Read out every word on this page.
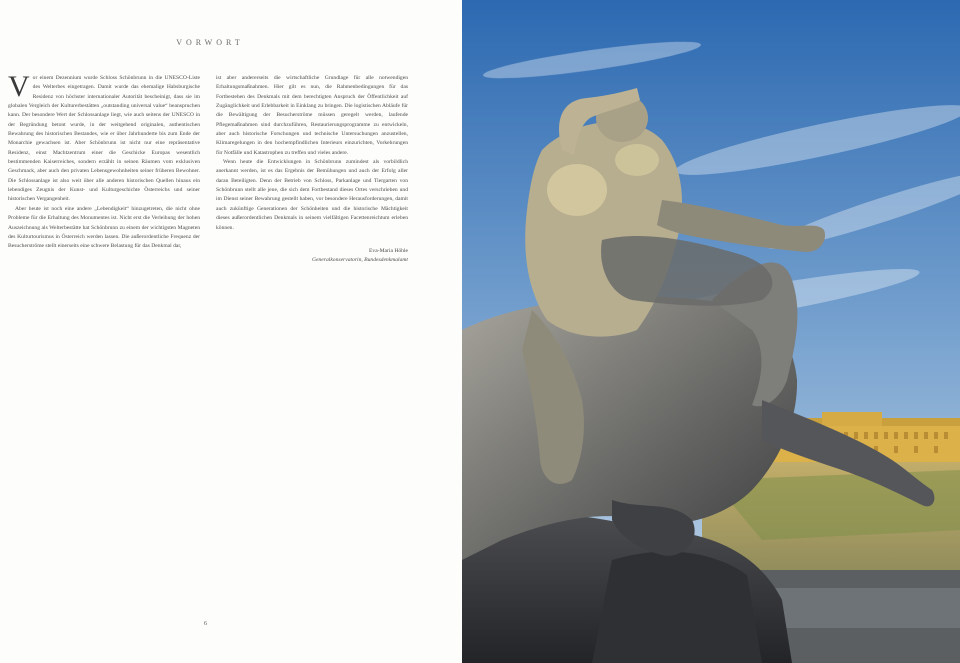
VORWORT

Vor einem Dezennium wurde Schloss Schönbrunn in die UNESCO-Liste des Welterbes eingetragen. Damit wurde das ehemalige Habsburgische Residenz von höchster internationaler Autorität bescheinigt, dass sie im globalen Vergleich der Kulturerbestätten „outstanding universal value“ beanspruchen kann. Der besondere Wert der Schlossanlage liegt, wie auch seitens der UNESCO in der Begründung betont wurde, in der weitgehend originalen, authentischen Bewahrung des historischen Bestandes, wie er über Jahrhunderte bis zum Ende der Monarchie gewachsen ist. Aber Schönbrunn ist nicht nur eine repräsentative Residenz, einst Machtzentrum einer die Geschicke Europas wesentlich bestimmenden Kaiserreiches, sondern erzählt in seinen Räumen vom exklusiven Geschmack, aber auch den privaten Lebensgewohnheiten seiner früheren Bewohner. Die Schlossanlage ist also weit über alle anderen historischen Quellen hinaus ein lebendiges Zeugnis der Kunst- und Kulturgeschichte Österreichs und seiner historischen Vergangenheit.

Aber heute ist noch eine andere „Lebendigkeit“ hinzugetreten, die nicht ohne Probleme für die Erhaltung des Monumentes ist. Nicht erst die Verleihung der hohen Auszeichnung als Welterbestätte hat Schönbrunn zu einem der wichtigsten Magneten des Kulturtourismus in Österreich werden lassen. Die außerordentliche Frequenz der Besucherströme stellt einerseits eine schwere Belastung für das Denkmal dar,

ist aber andererseits die wirtschaftliche Grundlage für alle notwendigen Erhaltungsmaßnahmen. Hier gilt es nun, die Rahmenbedingungen für das Fortbestehen des Denkmals mit dem berechtigten Anspruch der Öffentlichkeit auf Zugänglichkeit und Erlebbarkeit in Einklang zu bringen. Die logistischen Abläufe für die Bewältigung der Besucherströme müssen geregelt werden, laufende Pflegemaßnahmen sind durchzuführen, Restaurierungsprogramme zu entwickeln, aber auch historische Forschungen und technische Untersuchungen anzustellen, Klimaregelungen in den hochempfindlichen Interieurs einzurichten, Vorkehrungen für Notfälle und Katastrophen zu treffen und vieles andere.

Wenn heute die Entwicklungen in Schönbrunn zumindest als vorbildlich anerkannt werden, ist es das Ergebnis der Bemühungen und auch der Erfolg aller daran Beteiligten. Denn der Betrieb von Schloss, Parkanlage und Tiergarten von Schönbrunn stellt alle jene, die sich dem Fortbestand dieses Ortes verschrieben und im Dienst seiner Bewahrung gestellt haben, vor besondere Herausforderungen, damit auch zukünftige Generationen der Schönheiten und die historische Mächtigkeit dieses außerordentlichen Denkmals in seinem vielfältigen Facettenreichtum erleben können.

Eva-Maria Höhle
Generalkonservatorin, Bundesdenkmalamt
6
